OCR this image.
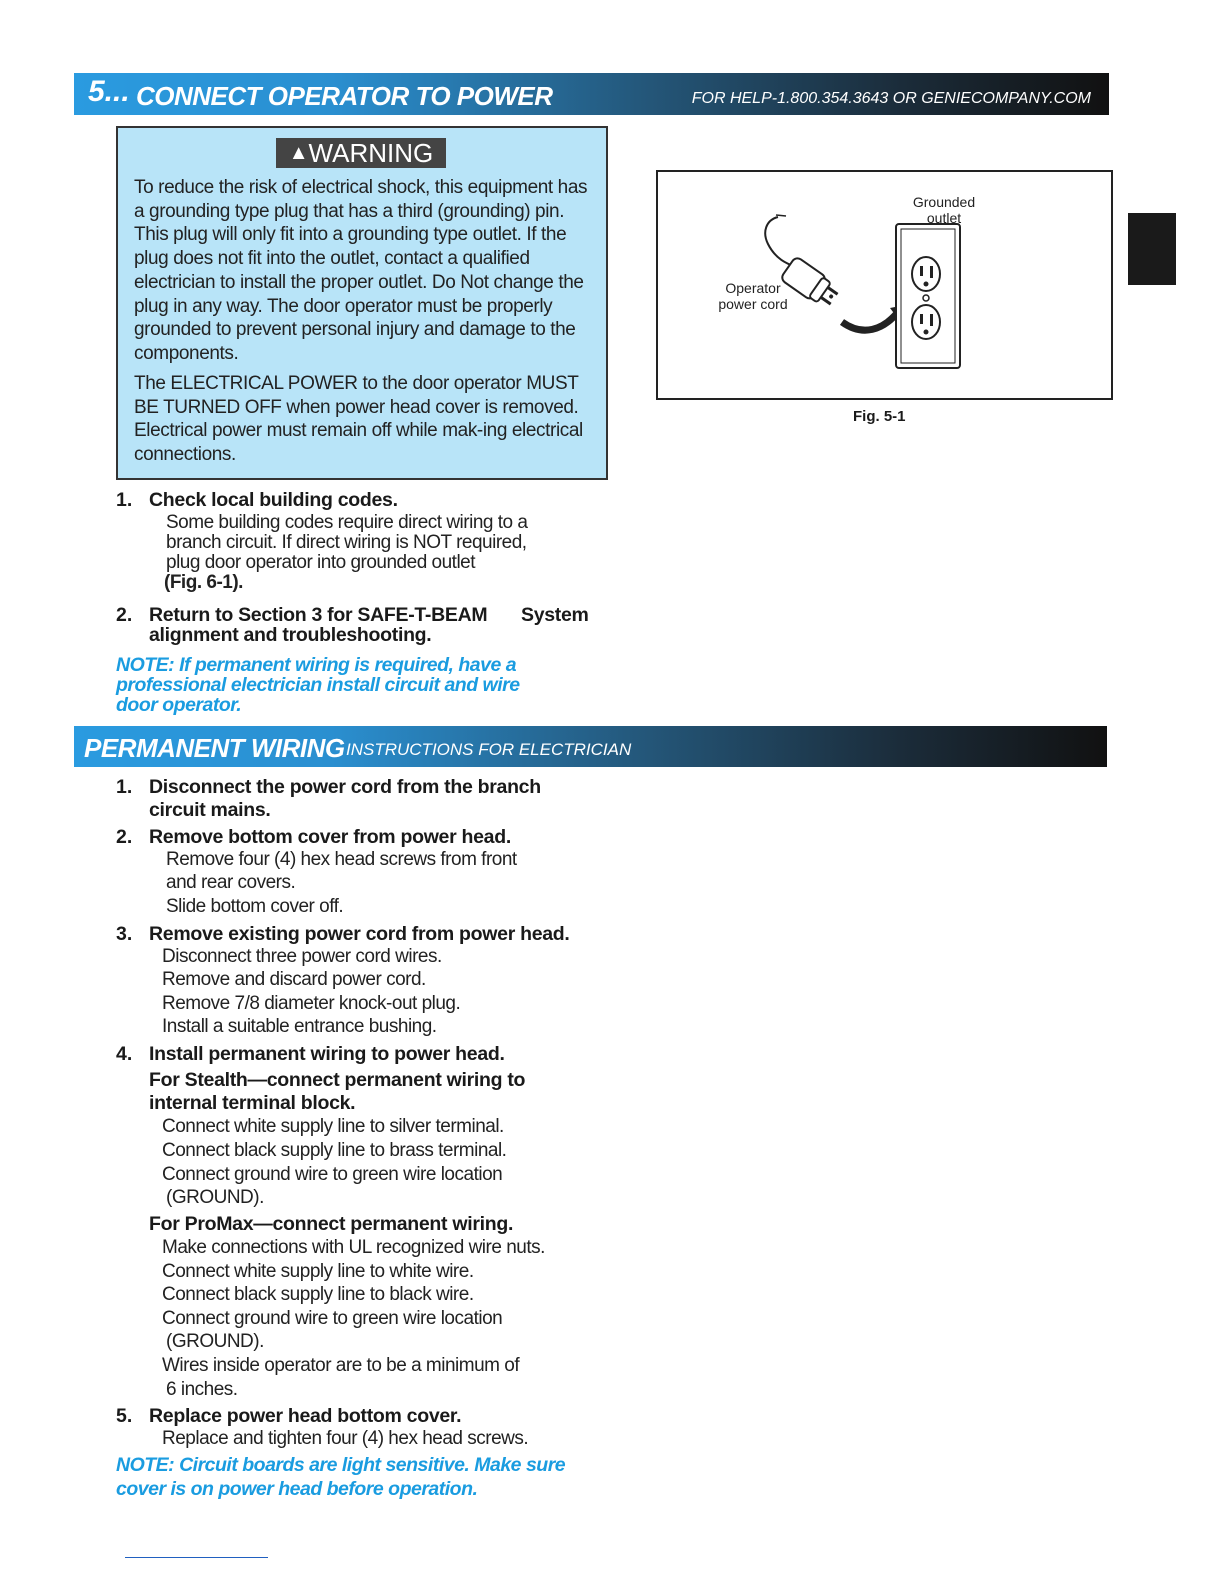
5... CONNECT OPERATOR TO POWER	FOR HELP-1.800.354.3643 OR GENIECOMPANY.COM
▲WARNING

To reduce the risk of electrical shock, this equipment has a grounding type plug that has a third (grounding) pin. This plug will only fit into a grounding type outlet. If the plug does not fit into the outlet, contact a qualified electrician to install the proper outlet. Do Not change the plug in any way. The door operator must be properly grounded to prevent personal injury and damage to the components.

The ELECTRICAL POWER to the door operator MUST BE TURNED OFF when power head cover is removed. Electrical power must remain off while mak-ing electrical connections.

Grounded outlet
Operator power cord
Fig. 5-1
1. Check local building codes.
Some building codes require direct wiring to a
branch circuit. If direct wiring is NOT required,
plug door operator into grounded outlet
(Fig. 6-1).
2. Return to Section 3 for SAFE-T-BEAM System
alignment and troubleshooting.
NOTE: If permanent wiring is required, have a
professional electrician install circuit and wire
door operator.
PERMANENT WIRING INSTRUCTIONS FOR ELECTRICIAN
1. Disconnect the power cord from the branch
circuit mains.
2. Remove bottom cover from power head.
Remove four (4) hex head screws from front
and rear covers.
Slide bottom cover off.
3. Remove existing power cord from power head.
Disconnect three power cord wires.
Remove and discard power cord.
Remove 7/8 diameter knock-out plug.
Install a suitable entrance bushing.
4. Install permanent wiring to power head.
For Stealth—connect permanent wiring to
internal terminal block.
Connect white supply line to silver terminal.
Connect black supply line to brass terminal.
Connect ground wire to green wire location
(GROUND).
For ProMax—connect permanent wiring.
Make connections with UL recognized wire nuts.
Connect white supply line to white wire.
Connect black supply line to black wire.
Connect ground wire to green wire location
(GROUND).
Wires inside operator are to be a minimum of
6 inches.
5. Replace power head bottom cover.
Replace and tighten four (4) hex head screws.
NOTE: Circuit boards are light sensitive. Make sure
cover is on power head before operation.
